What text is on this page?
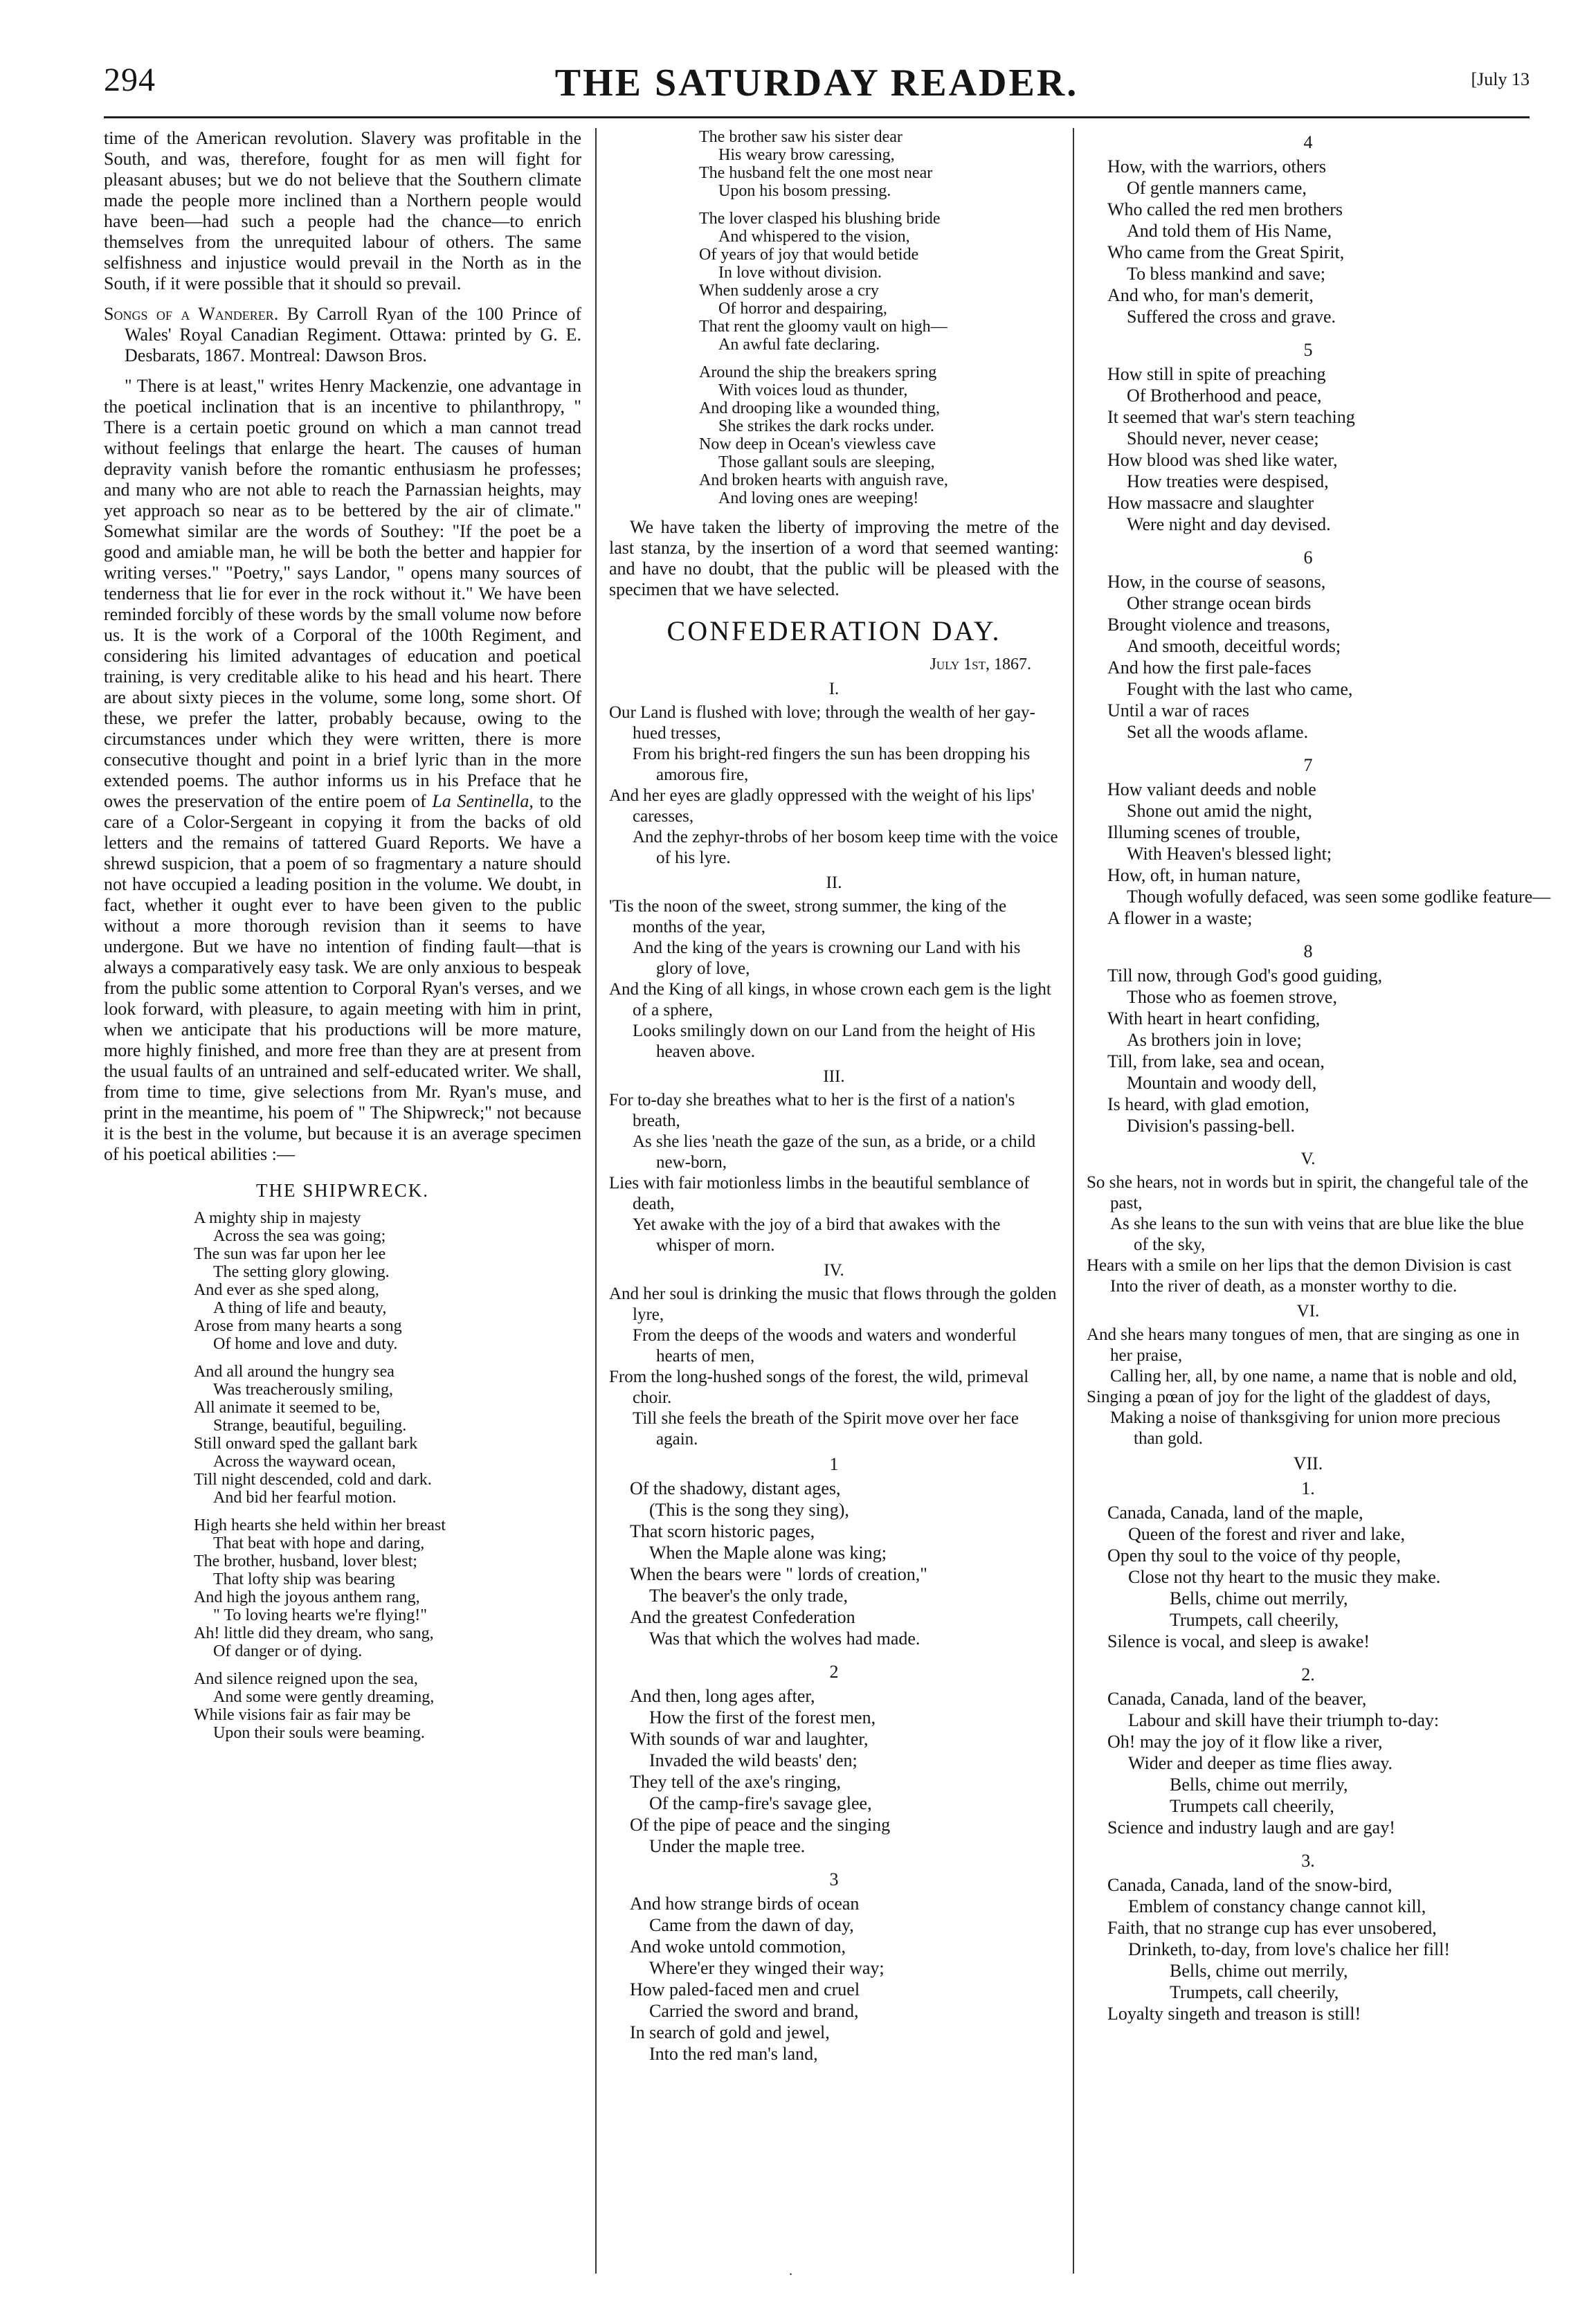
294	THE SATURDAY READER.	[July 13

time of the American revolution. Slavery was profitable in the South, and was, therefore, fought for as men will fight for pleasant abuses; but we do not believe that the Southern climate made the people more inclined than a Northern people would have been—had such a people had the chance—to enrich themselves from the unrequited labour of others. The same selfishness and injustice would prevail in the North as in the South, if it were possible that it should so prevail.

Songs of a Wanderer. By Carroll Ryan of the 100 Prince of Wales' Royal Canadian Regiment. Ottawa: printed by G. E. Desbarats, 1867. Montreal: Dawson Bros.

" There is at least," writes Henry Mackenzie, one advantage in the poetical inclination that is an incentive to philanthropy, " There is a certain poetic ground on which a man cannot tread without feelings that enlarge the heart. The causes of human depravity vanish before the romantic enthusiasm he professes; and many who are not able to reach the Parnassian heights, may yet approach so near as to be bettered by the air of climate." Somewhat similar are the words of Southey: "If the poet be a good and amiable man, he will be both the better and happier for writing verses." "Poetry," says Landor, " opens many sources of tenderness that lie for ever in the rock without it." We have been reminded forcibly of these words by the small volume now before us. It is the work of a Corporal of the 100th Regiment, and considering his limited advantages of education and poetical training, is very creditable alike to his head and his heart. There are about sixty pieces in the volume, some long, some short. Of these, we prefer the latter, probably because, owing to the circumstances under which they were written, there is more consecutive thought and point in a brief lyric than in the more extended poems. The author informs us in his Preface that he owes the preservation of the entire poem of La Sentinella, to the care of a Color-Sergeant in copying it from the backs of old letters and the remains of tattered Guard Reports. We have a shrewd suspicion, that a poem of so fragmentary a nature should not have occupied a leading position in the volume. We doubt, in fact, whether it ought ever to have been given to the public without a more thorough revision than it seems to have undergone. But we have no intention of finding fault—that is always a comparatively easy task. We are only anxious to bespeak from the public some attention to Corporal Ryan's verses, and we look forward, with pleasure, to again meeting with him in print, when we anticipate that his productions will be more mature, more highly finished, and more free than they are at present from the usual faults of an untrained and self-educated writer. We shall, from time to time, give selections from Mr. Ryan's muse, and print in the meantime, his poem of " The Shipwreck;" not because it is the best in the volume, but because it is an average specimen of his poetical abilities :—

THE SHIPWRECK.
A mighty ship in majesty
Across the sea was going;
The sun was far upon her lee
The setting glory glowing.
And ever as she sped along,
A thing of life and beauty,
Arose from many hearts a song
Of home and love and duty.
And all around the hungry sea
Was treacherously smiling,
All animate it seemed to be,
Strange, beautiful, beguiling.
Still onward sped the gallant bark
Across the wayward ocean,
Till night descended, cold and dark.
And bid her fearful motion.
High hearts she held within her breast
That beat with hope and daring,
The brother, husband, lover blest;
That lofty ship was bearing
And high the joyous anthem rang,
" To loving hearts we're flying!"
Ah! little did they dream, who sang,
Of danger or of dying.
And silence reigned upon the sea,
And some were gently dreaming,
While visions fair as fair may be
Upon their souls were beaming.
The brother saw his sister dear
His weary brow caressing,
The husband felt the one most near
Upon his bosom pressing.
The lover clasped his blushing bride
And whispered to the vision,
Of years of joy that would betide
In love without division.
When suddenly arose a cry
Of horror and despairing,
That rent the gloomy vault on high—
An awful fate declaring.
Around the ship the breakers spring
With voices loud as thunder,
And drooping like a wounded thing,
She strikes the dark rocks under.
Now deep in Ocean's viewless cave
Those gallant souls are sleeping,
And broken hearts with anguish rave,
And loving ones are weeping!

We have taken the liberty of improving the metre of the last stanza, by the insertion of a word that seemed wanting: and have no doubt, that the public will be pleased with the specimen that we have selected.

CONFEDERATION DAY.
July 1st, 1867.
I.
Our Land is flushed with love; through the wealth of her gay-hued tresses,
From his bright-red fingers the sun has been dropping his amorous fire,
And her eyes are gladly oppressed with the weight of his lips' caresses,
And the zephyr-throbs of her bosom keep time with the voice of his lyre.
II.
'Tis the noon of the sweet, strong summer, the king of the months of the year,
And the king of the years is crowning our Land with his glory of love,
And the King of all kings, in whose crown each gem is the light of a sphere,
Looks smilingly down on our Land from the height of His heaven above.
III.
For to-day she breathes what to her is the first of a nation's breath,
As she lies 'neath the gaze of the sun, as a bride, or a child new-born,
Lies with fair motionless limbs in the beautiful semblance of death,
Yet awake with the joy of a bird that awakes with the whisper of morn.
IV.
And her soul is drinking the music that flows through the golden lyre,
From the deeps of the woods and waters and wonderful hearts of men,
From the long-hushed songs of the forest, the wild, primeval choir.
Till she feels the breath of the Spirit move over her face again.
1
Of the shadowy, distant ages,
(This is the song they sing),
That scorn historic pages,
When the Maple alone was king;
When the bears were " lords of creation,"
The beaver's the only trade,
And the greatest Confederation
Was that which the wolves had made.
2
And then, long ages after,
How the first of the forest men,
With sounds of war and laughter,
Invaded the wild beasts' den;
They tell of the axe's ringing,
Of the camp-fire's savage glee,
Of the pipe of peace and the singing
Under the maple tree.
3
And how strange birds of ocean
Came from the dawn of day,
And woke untold commotion,
Where'er they winged their way;
How paled-faced men and cruel
Carried the sword and brand,
In search of gold and jewel,
Into the red man's land,
4
How, with the warriors, others
Of gentle manners came,
Who called the red men brothers
And told them of His Name,
Who came from the Great Spirit,
To bless mankind and save;
And who, for man's demerit,
Suffered the cross and grave.
5
How still in spite of preaching
Of Brotherhood and peace,
It seemed that war's stern teaching
Should never, never cease;
How blood was shed like water,
How treaties were despised,
How massacre and slaughter
Were night and day devised.
6
How, in the course of seasons,
Other strange ocean birds
Brought violence and treasons,
And smooth, deceitful words;
And how the first pale-faces
Fought with the last who came,
Until a war of races
Set all the woods aflame.
7
How valiant deeds and noble
Shone out amid the night,
Illuming scenes of trouble,
With Heaven's blessed light;
How, oft, in human nature,
Though wofully defaced, was seen some godlike feature—
A flower in a waste;
8
Till now, through God's good guiding,
Those who as foemen strove,
With heart in heart confiding,
As brothers join in love;
Till, from lake, sea and ocean,
Mountain and woody dell,
Is heard, with glad emotion,
Division's passing-bell.
V.
So she hears, not in words but in spirit, the changeful tale of the past,
As she leans to the sun with veins that are blue like the blue of the sky,
Hears with a smile on her lips that the demon Division is cast
Into the river of death, as a monster worthy to die.
VI.
And she hears many tongues of men, that are singing as one in her praise,
Calling her, all, by one name, a name that is noble and old,
Singing a pœan of joy for the light of the gladdest of days,
Making a noise of thanksgiving for union more precious than gold.
VII.
1.
Canada, Canada, land of the maple,
Queen of the forest and river and lake,
Open thy soul to the voice of thy people,
Close not thy heart to the music they make.
Bells, chime out merrily,
Trumpets, call cheerily,
Silence is vocal, and sleep is awake!
2.
Canada, Canada, land of the beaver,
Labour and skill have their triumph to-day:
Oh! may the joy of it flow like a river,
Wider and deeper as time flies away.
Bells, chime out merrily,
Trumpets call cheerily,
Science and industry laugh and are gay!
3.
Canada, Canada, land of the snow-bird,
Emblem of constancy change cannot kill,
Faith, that no strange cup has ever unsobered,
Drinketh, to-day, from love's chalice her fill!
Bells, chime out merrily,
Trumpets, call cheerily,
Loyalty singeth and treason is still!
.
